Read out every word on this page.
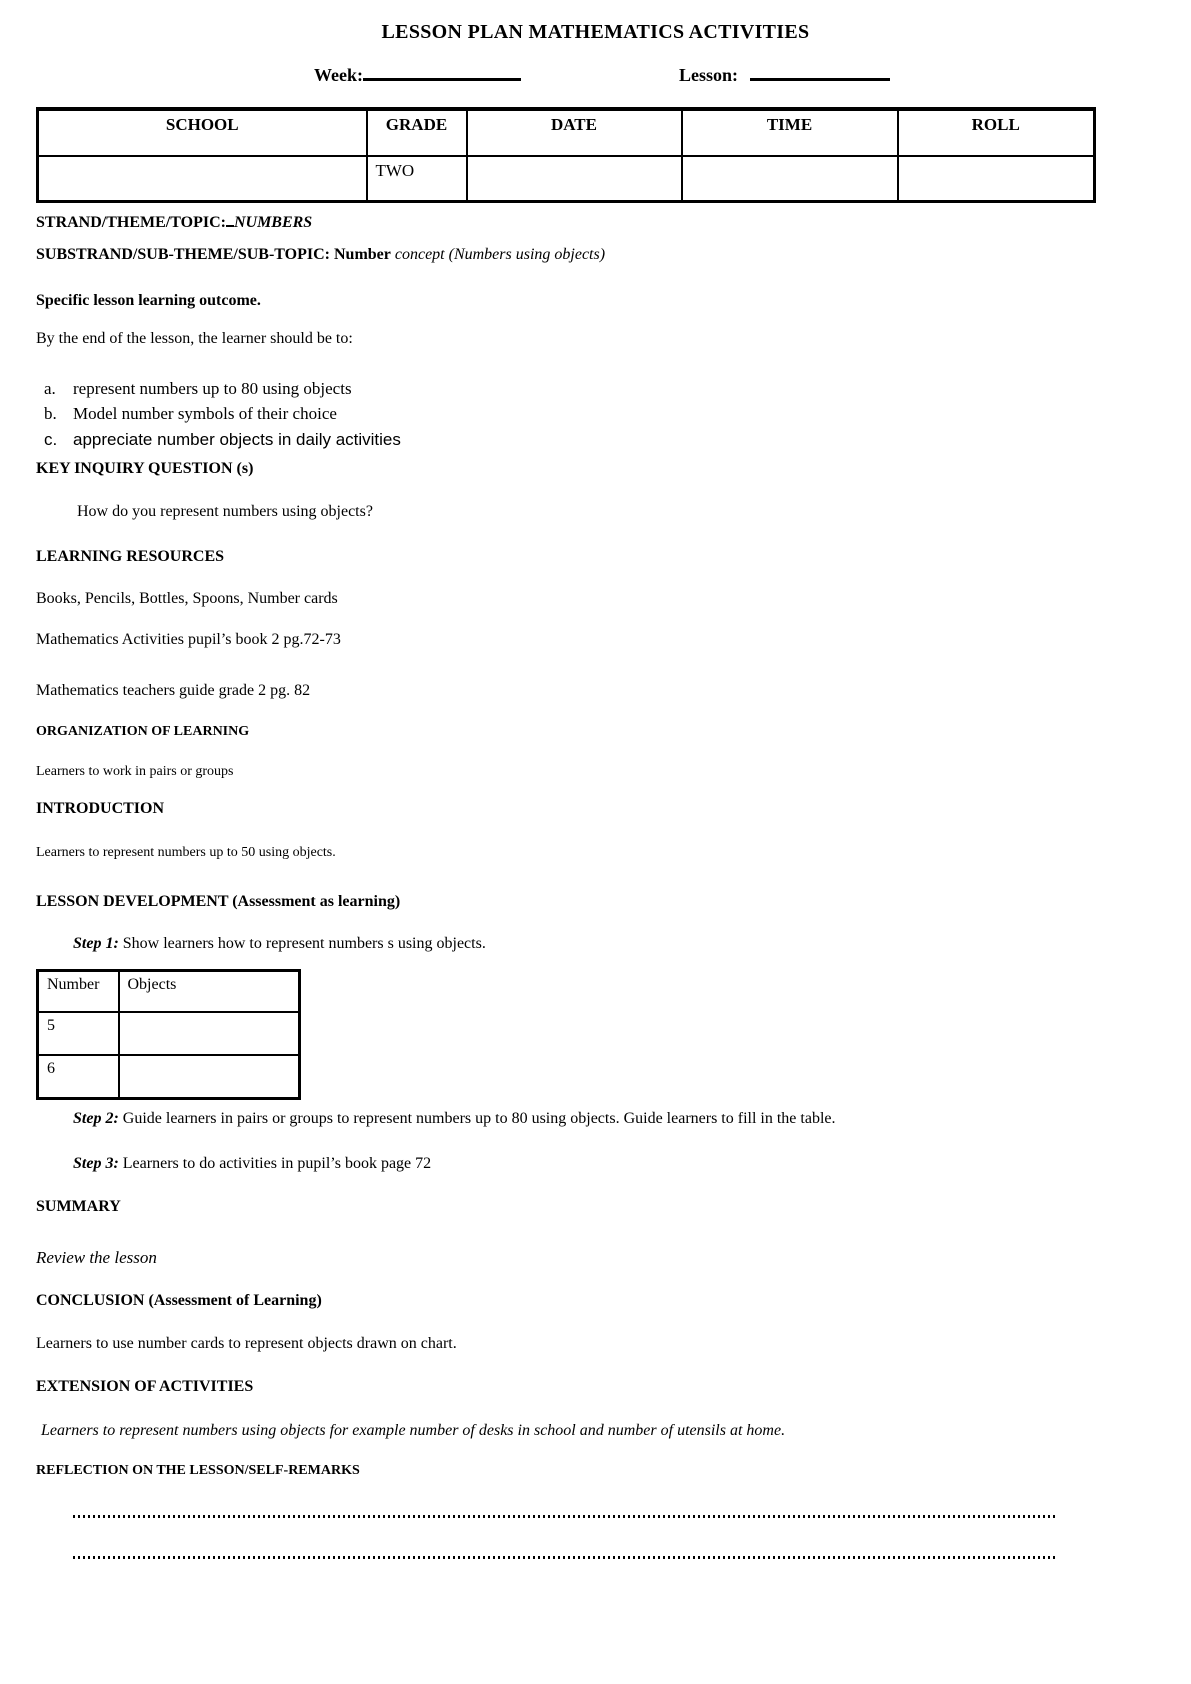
LESSON PLAN MATHEMATICS ACTIVITIES
Week:	Lesson:
SCHOOL	GRADE	DATE	TIME	ROLL
	TWO			
STRAND/THEME/TOPIC: NUMBERS
SUBSTRAND/SUB-THEME/SUB-TOPIC: Number concept (Numbers using objects)
Specific lesson learning outcome.
By the end of the lesson, the learner should be to:
a.	represent numbers up to 80 using objects
b. Model number symbols of their choice
c. appreciate number objects in daily activities
KEY INQUIRY QUESTION (s)
How do you represent numbers using objects?
LEARNING RESOURCES
Books, Pencils, Bottles, Spoons, Number cards
Mathematics Activities pupil’s book 2 pg.72-73
Mathematics teachers guide grade 2 pg. 82
ORGANIZATION OF LEARNING
Learners to work in pairs or groups
INTRODUCTION
Learners to represent numbers up to 50 using objects.
LESSON DEVELOPMENT (Assessment as learning)
Step 1: Show learners how to represent numbers s using objects.
Number	Objects
5	
6	
Step 2: Guide learners in pairs or groups to represent numbers up to 80 using objects. Guide learners to fill in the table.
Step 3: Learners to do activities in pupil’s book page 72
SUMMARY
Review the lesson
CONCLUSION (Assessment of Learning)
Learners to use number cards to represent objects drawn on chart.
EXTENSION OF ACTIVITIES
Learners to represent numbers using objects for example number of desks in school and number of utensils at home.
REFLECTION ON THE LESSON/SELF-REMARKS
